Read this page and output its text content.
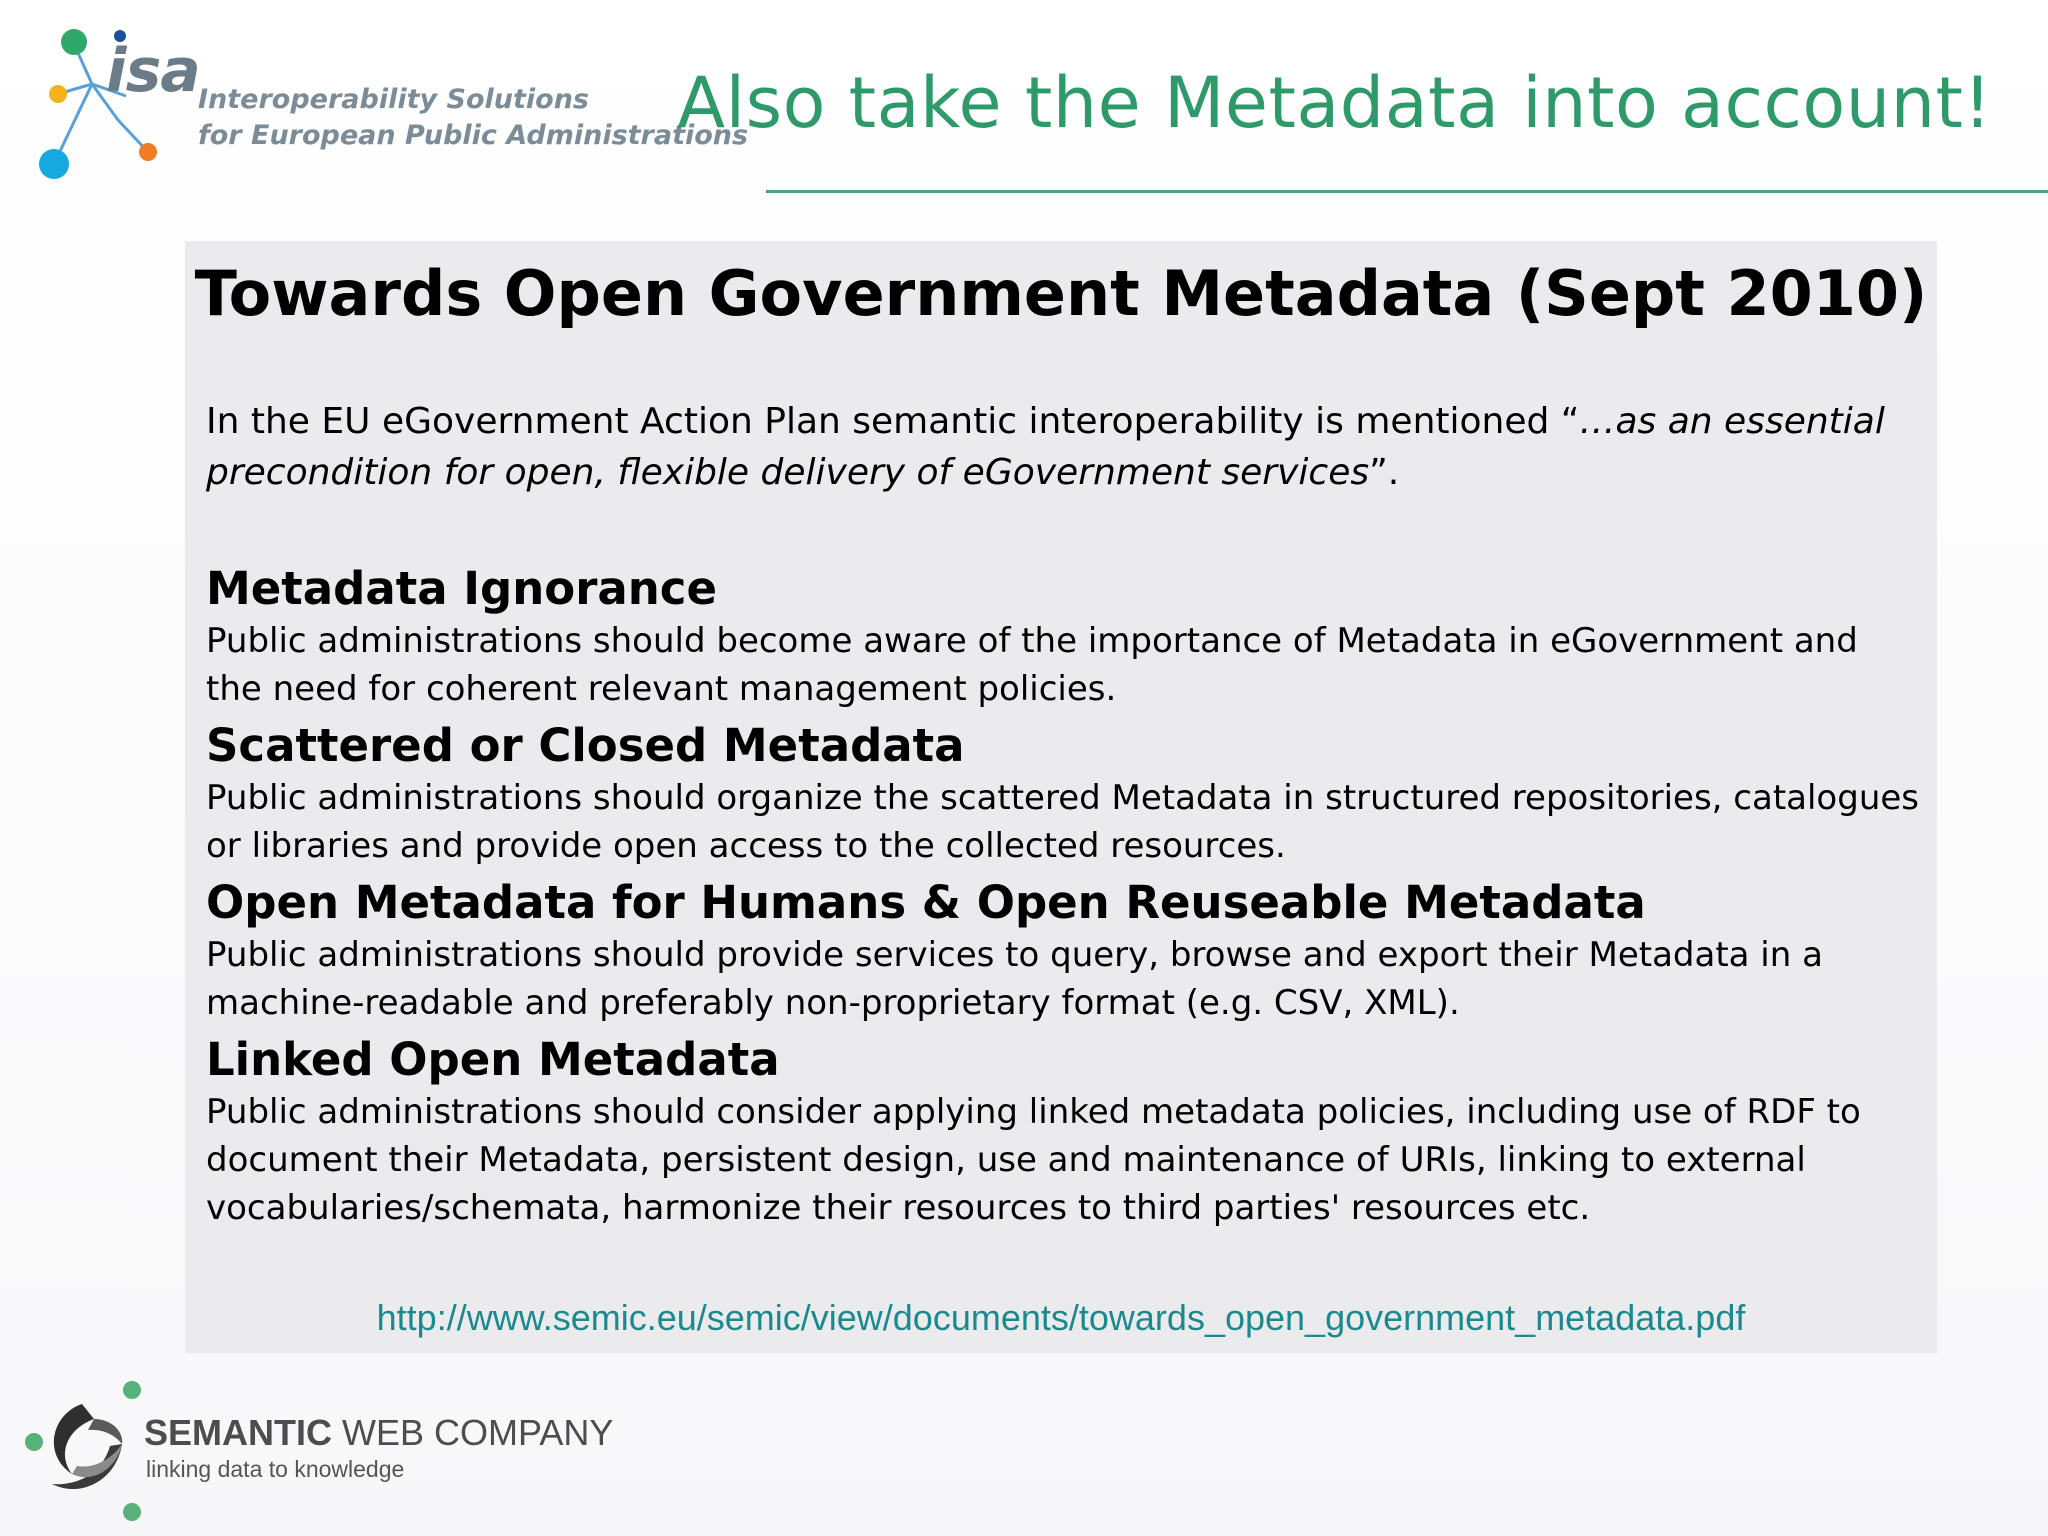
isa
Interoperability Solutions
for European Public Administrations
Also take the Metadata into account!
Towards Open Government Metadata (Sept 2010)
In the EU eGovernment Action Plan semantic interoperability is mentioned “…as an essential precondition for open, flexible delivery of eGovernment services”.
Metadata Ignorance

Public administrations should become aware of the importance of Metadata in eGovernment and the need for coherent relevant management policies.

Scattered or Closed Metadata

Public administrations should organize the scattered Metadata in structured repositories, catalogues or libraries and provide open access to the collected resources.

Open Metadata for Humans & Open Reuseable Metadata

Public administrations should provide services to query, browse and export their Metadata in a machine-readable and preferably non-proprietary format (e.g. CSV, XML).

Linked Open Metadata

Public administrations should consider applying linked metadata policies, including use of RDF to document their Metadata, persistent design, use and maintenance of URIs, linking to external vocabularies/schemata, harmonize their resources to third parties' resources etc.

http://www.semic.eu/semic/view/documents/towards_open_government_metadata.pdf
SEMANTIC WEB COMPANY
linking data to knowledge
